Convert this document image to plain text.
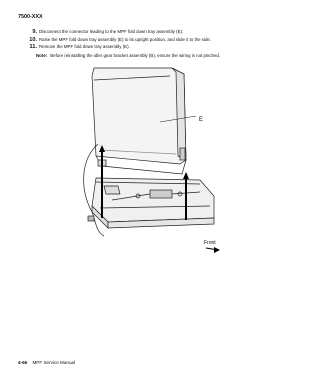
7500-XXX
9. Disconnect the connector leading to the MPF fold down tray assembly (E).
10. Raise the MPF fold down tray assembly (E) to its upright position, and slide it to the side.
11. Remove the MPF fold down tray assembly (E).
Note: Before reinstalling the idler gear bracket assembly (B), ensure the wiring is not pinched.
E
Front
4-66 MPF Service Manual
